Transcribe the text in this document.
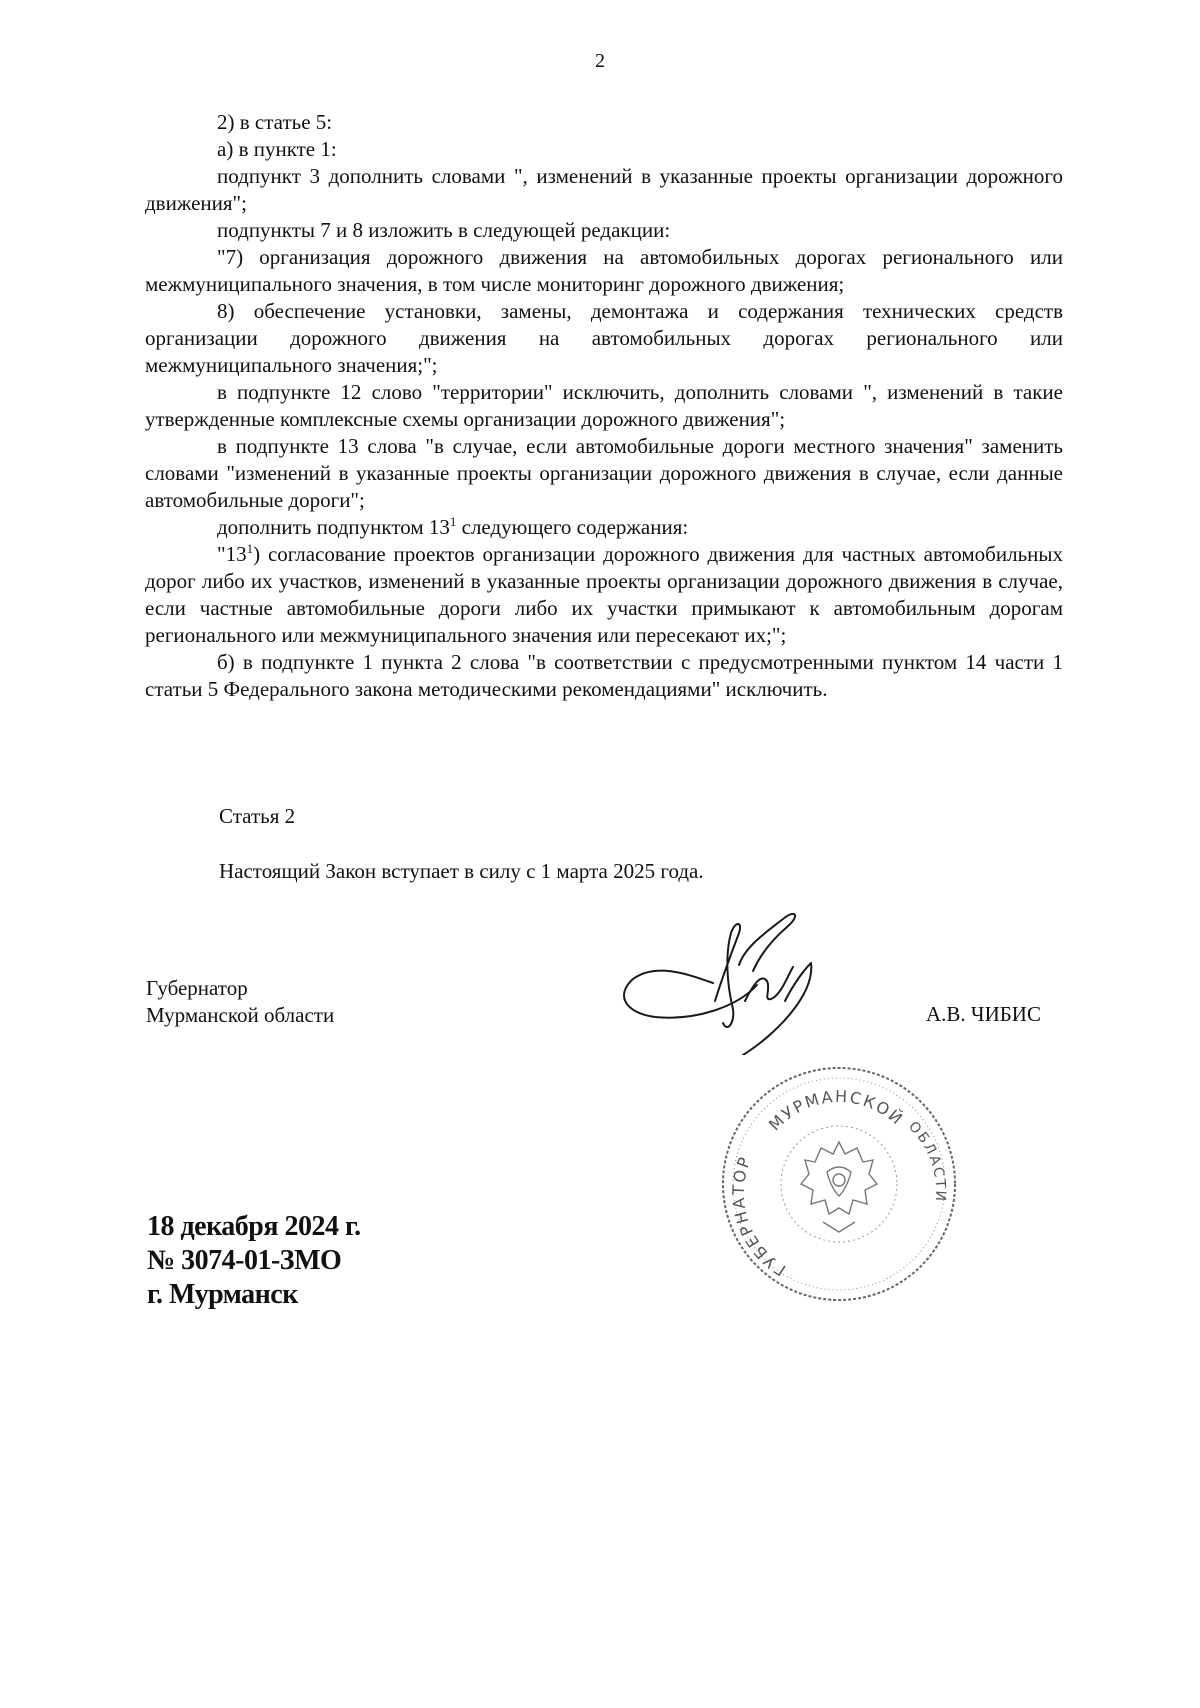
2

2) в статье 5:

а) в пункте 1:

подпункт 3 дополнить словами ", изменений в указанные проекты организации дорожного движения";

подпункты 7 и 8 изложить в следующей редакции:

"7) организация дорожного движения на автомобильных дорогах регионального или межмуниципального значения, в том числе мониторинг дорожного движения;

8) обеспечение установки, замены, демонтажа и содержания технических средств организации дорожного движения на автомобильных дорогах регионального или межмуниципального значения;";

в подпункте 12 слово "территории" исключить, дополнить словами ", изменений в такие утвержденные комплексные схемы организации дорожного движения";

в подпункте 13 слова "в случае, если автомобильные дороги местного значения" заменить словами "изменений в указанные проекты организации дорожного движения в случае, если данные автомобильные дороги";

дополнить подпунктом $13^1$ следующего содержания:

"$13^1$) согласование проектов организации дорожного движения для частных автомобильных дорог либо их участков, изменений в указанные проекты организации дорожного движения в случае, если частные автомобильные дороги либо их участки примыкают к автомобильным дорогам регионального или межмуниципального значения или пересекают их;";

б) в подпункте 1 пункта 2 слова "в соответствии с предусмотренными пунктом 14 части 1 статьи 5 Федерального закона методическими рекомендациями" исключить.

Статья 2
Настоящий Закон вступает в силу с 1 марта 2025 года.
Губернатор
Мурманской области
МУРМАНСКОЙ
ГУБЕРНАТОР
ОБЛАСТИ
А.В. ЧИБИС
18 декабря 2024 г.
№ 3074-01-ЗМО
г. Мурманск
